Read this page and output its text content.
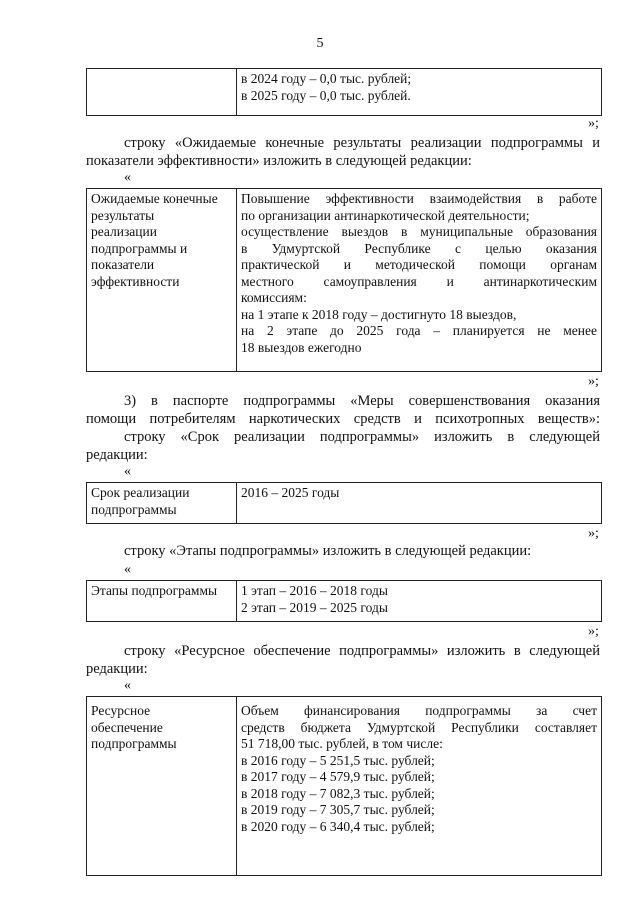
5
в 2024 году – 0,0 тыс. рублей;
в 2025 году – 0,0 тыс. рублей.
»;
строку «Ожидаемые конечные результаты реализации подпрограммы и
показатели эффективности» изложить в следующей редакции:
«
Ожидаемые конечные
результаты
реализации
подпрограммы и
показатели
эффективности
Повышение эффективности взаимодействия в работе
по организации антинаркотической деятельности;
осуществление выездов в муниципальные образования
в Удмуртской Республике с целью оказания
практической и методической помощи органам
местного самоуправления и антинаркотическим
комиссиям:
на 1 этапе к 2018 году – достигнуто 18 выездов,
на 2 этапе до 2025 года – планируется не менее
18 выездов ежегодно
»;
3) в паспорте подпрограммы «Меры совершенствования оказания
помощи потребителям наркотических средств и психотропных веществ»:
строку «Срок реализации подпрограммы» изложить в следующей
редакции:
«
Срок реализации
подпрограммы
2016 – 2025 годы
»;
строку «Этапы подпрограммы» изложить в следующей редакции:
«
Этапы подпрограммы	1 этап – 2016 – 2018 годы
2 этап – 2019 – 2025 годы
»;
строку «Ресурсное обеспечение подпрограммы» изложить в следующей
редакции:
«
Ресурсное
обеспечение
подпрограммы
Объем финансирования подпрограммы за счет
средств бюджета Удмуртской Республики составляет
51 718,00 тыс. рублей, в том числе:
в 2016 году – 5 251,5 тыс. рублей;
в 2017 году – 4 579,9 тыс. рублей;
в 2018 году – 7 082,3 тыс. рублей;
в 2019 году – 7 305,7 тыс. рублей;
в 2020 году – 6 340,4 тыс. рублей;
